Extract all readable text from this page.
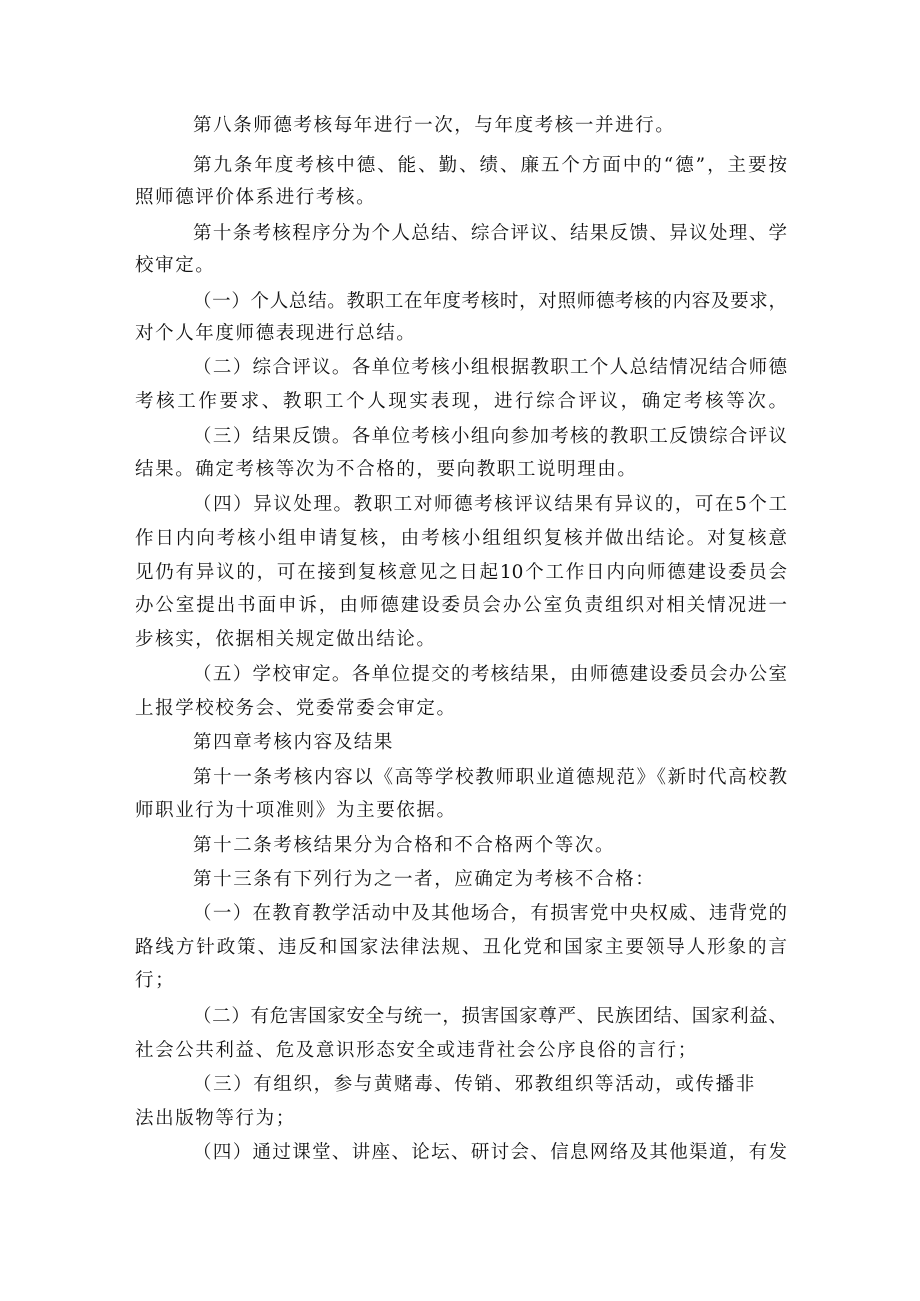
第八条师德考核每年进行一次，与年度考核一并进行。
第九条年度考核中德、能、勤、绩、廉五个方面中的“德”，主要按
照师德评价体系进行考核。
第十条考核程序分为个人总结、综合评议、结果反馈、异议处理、学
校审定。
（一）个人总结。教职工在年度考核时，对照师德考核的内容及要求，
对个人年度师德表现进行总结。
（二）综合评议。各单位考核小组根据教职工个人总结情况结合师德
考核工作要求、教职工个人现实表现，进行综合评议，确定考核等次。
（三）结果反馈。各单位考核小组向参加考核的教职工反馈综合评议
结果。确定考核等次为不合格的，要向教职工说明理由。
（四）异议处理。教职工对师德考核评议结果有异议的，可在5个工
作日内向考核小组申请复核，由考核小组组织复核并做出结论。对复核意
见仍有异议的，可在接到复核意见之日起10个工作日内向师德建设委员会
办公室提出书面申诉，由师德建设委员会办公室负责组织对相关情况进一
步核实，依据相关规定做出结论。
（五）学校审定。各单位提交的考核结果，由师德建设委员会办公室
上报学校校务会、党委常委会审定。
第四章考核内容及结果
第十一条考核内容以《高等学校教师职业道德规范》《新时代高校教
师职业行为十项准则》为主要依据。
第十二条考核结果分为合格和不合格两个等次。
第十三条有下列行为之一者，应确定为考核不合格：
（一）在教育教学活动中及其他场合，有损害党中央权威、违背党的
路线方针政策、违反和国家法律法规、丑化党和国家主要领导人形象的言
行；
（二）有危害国家安全与统一，损害国家尊严、民族团结、国家利益、
社会公共利益、危及意识形态安全或违背社会公序良俗的言行；
（三）有组织，参与黄赌毒、传销、邪教组织等活动，或传播非
法出版物等行为；
（四）通过课堂、讲座、论坛、研讨会、信息网络及其他渠道，有发
